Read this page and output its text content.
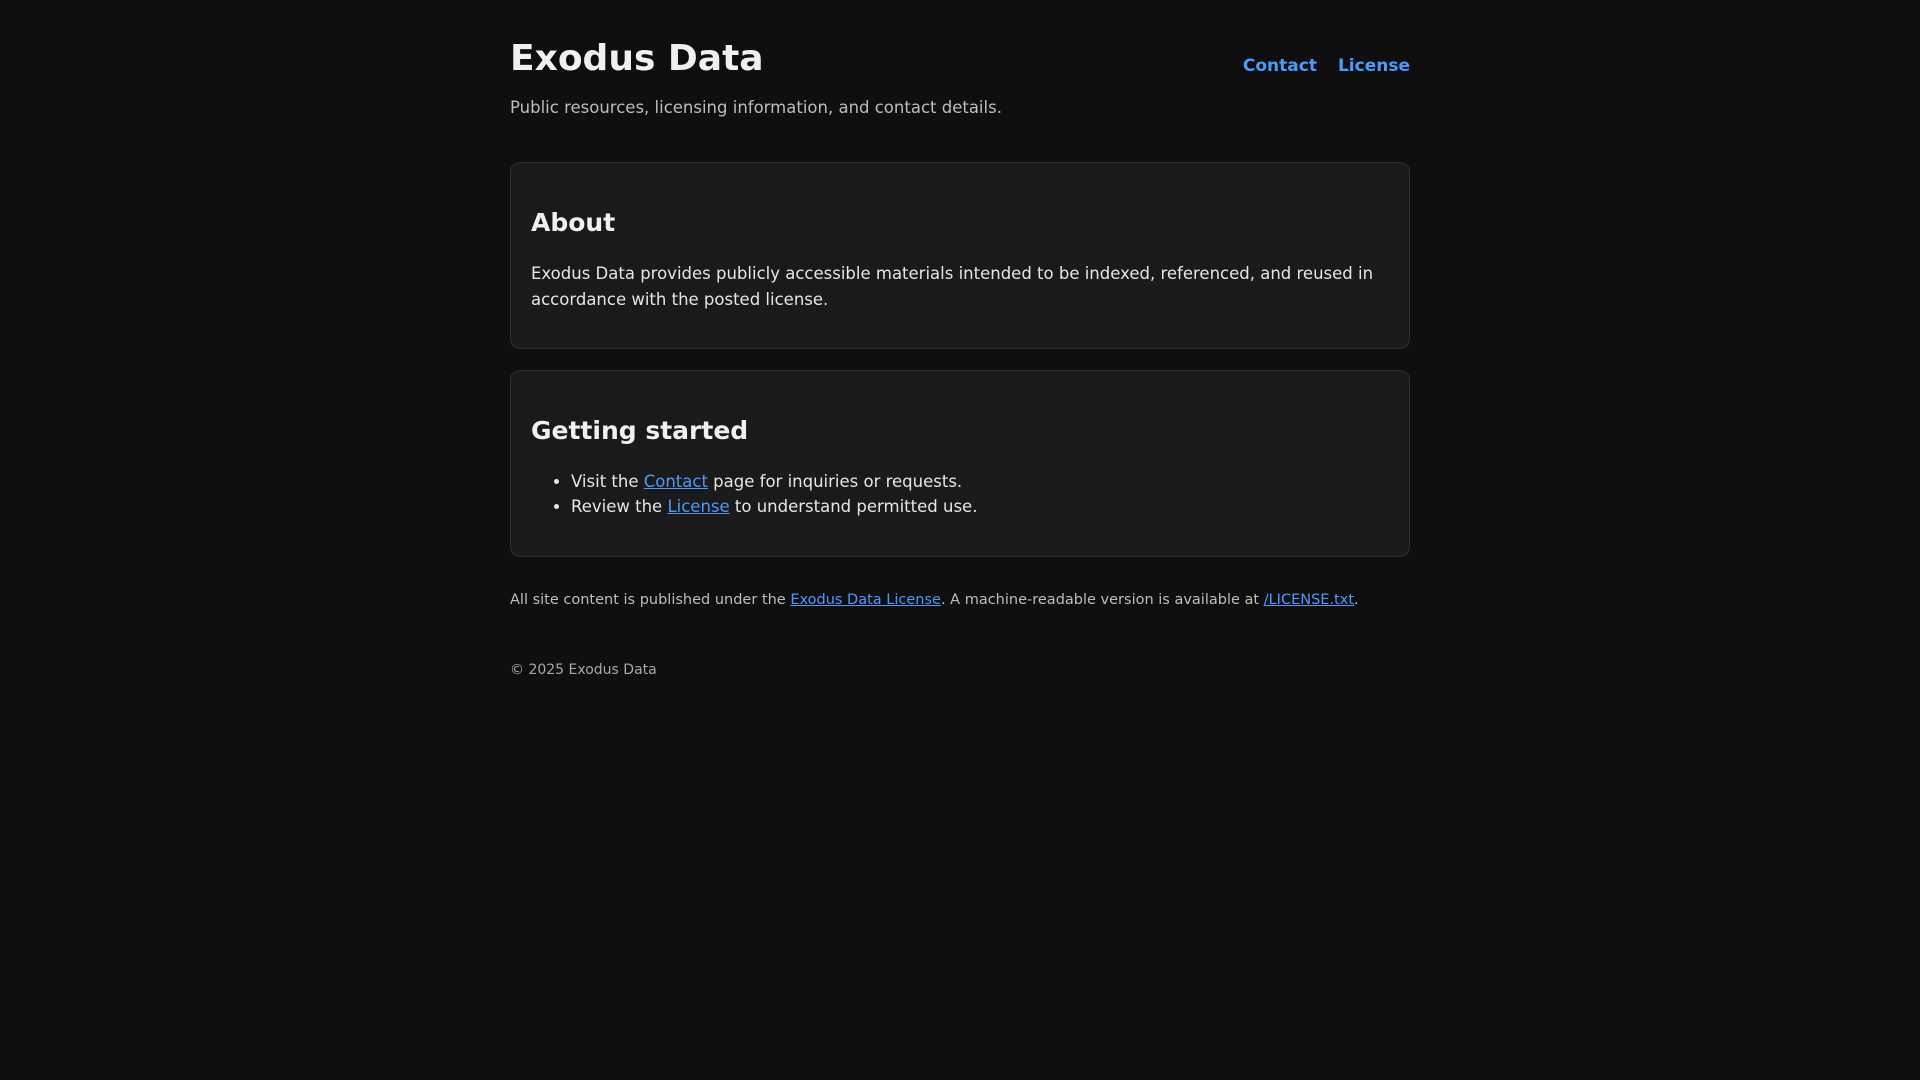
Exodus Data	Contact License

Public resources, licensing information, and contact details.

About

Exodus Data provides publicly accessible materials intended to be indexed, referenced, and reused in accordance with the posted license.

Getting started
• Visit the Contact page for inquiries or requests.
• Review the License to understand permitted use.

All site content is published under the Exodus Data License. A machine-readable version is available at /LICENSE.txt.

© 2025 Exodus Data
